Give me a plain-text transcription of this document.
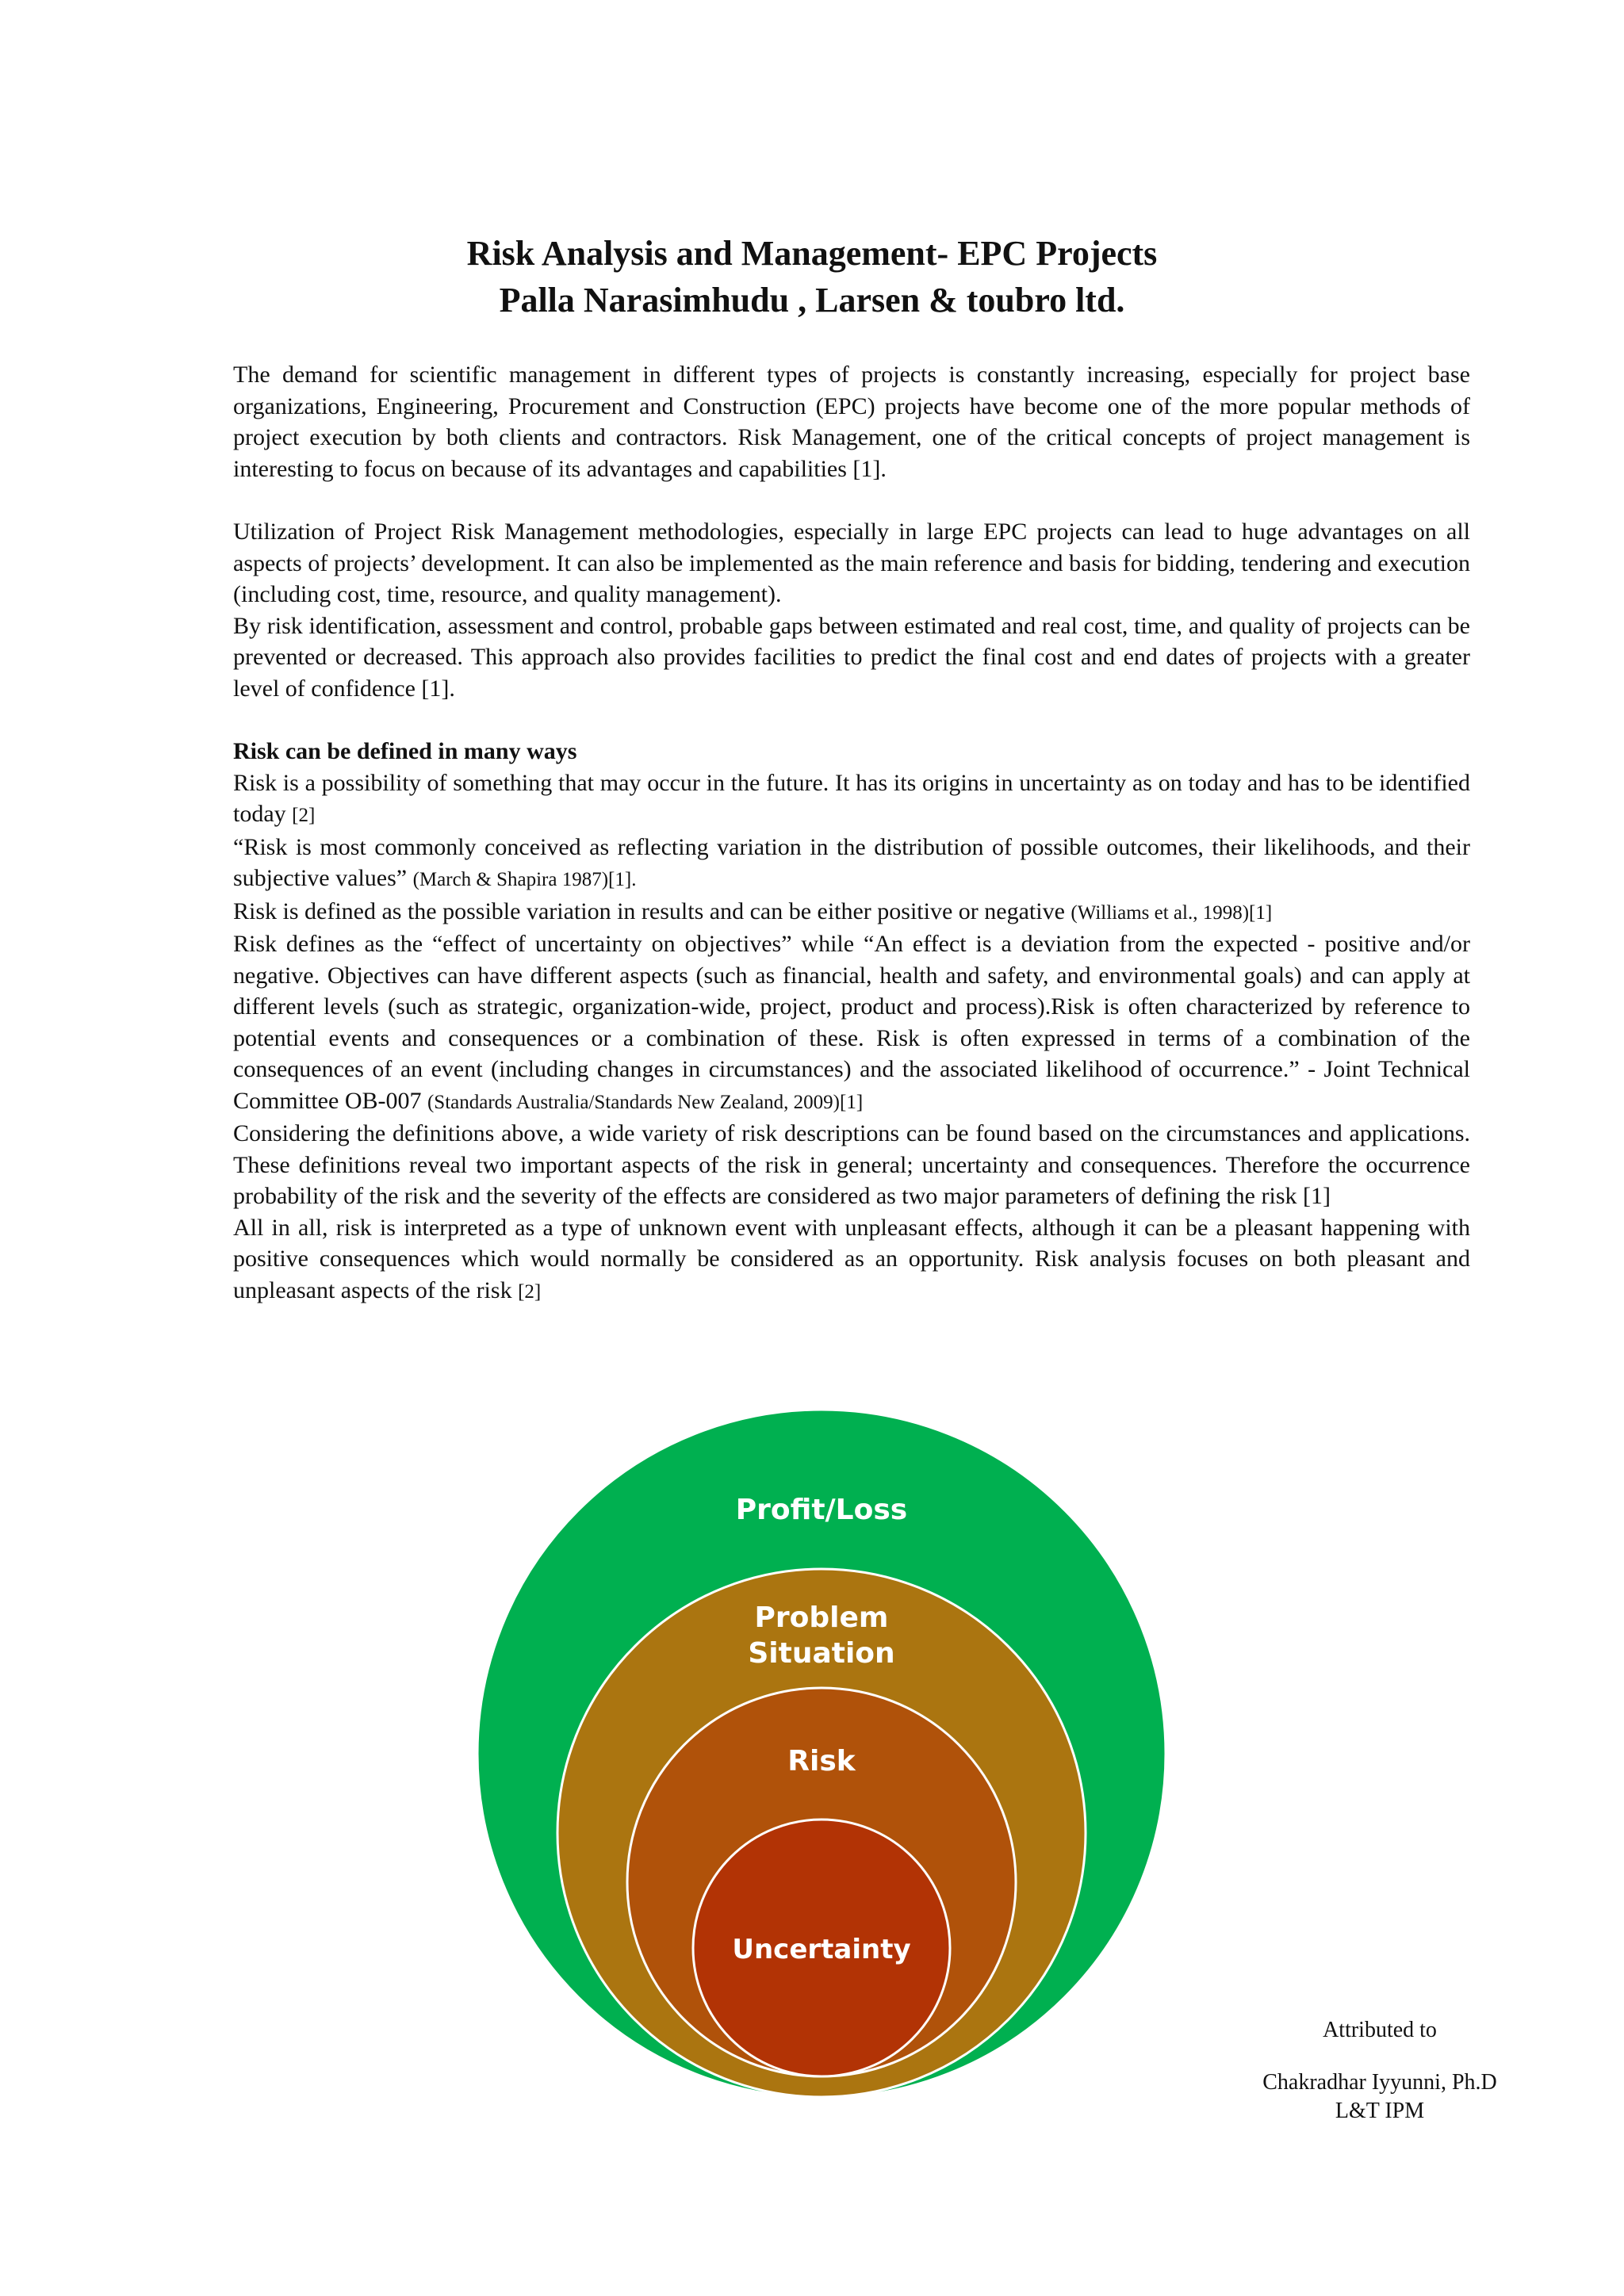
Risk Analysis and Management- EPC Projects
Palla Narasimhudu , Larsen & toubro ltd.

The demand for scientific management in different types of projects is constantly increasing, especially for project base organizations, Engineering, Procurement and Construction (EPC) projects have become one of the more popular methods of project execution by both clients and contractors. Risk Management, one of the critical concepts of project management is interesting to focus on because of its advantages and capabilities [1].

Utilization of Project Risk Management methodologies, especially in large EPC projects can lead to huge advantages on all aspects of projects’ development. It can also be implemented as the main reference and basis for bidding, tendering and execution (including cost, time, resource, and quality management).

By risk identification, assessment and control, probable gaps between estimated and real cost, time, and quality of projects can be prevented or decreased. This approach also provides facilities to predict the final cost and end dates of projects with a greater level of confidence [1].

Risk can be defined in many ways

Risk is a possibility of something that may occur in the future. It has its origins in uncertainty as on today and has to be identified today [2]

“Risk is most commonly conceived as reflecting variation in the distribution of possible outcomes, their likelihoods, and their subjective values” (March & Shapira 1987)[1].

Risk is defined as the possible variation in results and can be either positive or negative (Williams et al., 1998)[1]

Risk defines as the “effect of uncertainty on objectives” while “An effect is a deviation from the expected - positive and/or negative. Objectives can have different aspects (such as financial, health and safety, and environmental goals) and can apply at different levels (such as strategic, organization-wide, project, product and process).Risk is often characterized by reference to potential events and consequences or a combination of these. Risk is often expressed in terms of a combination of the consequences of an event (including changes in circumstances) and the associated likelihood of occurrence.” - Joint Technical Committee OB-007 (Standards Australia/Standards New Zealand, 2009)[1]

Considering the definitions above, a wide variety of risk descriptions can be found based on the circumstances and applications. These definitions reveal two important aspects of the risk in general; uncertainty and consequences. Therefore the occurrence probability of the risk and the severity of the effects are considered as two major parameters of defining the risk [1]

All in all, risk is interpreted as a type of unknown event with unpleasant effects, although it can be a pleasant happening with positive consequences which would normally be considered as an opportunity. Risk analysis focuses on both pleasant and unpleasant aspects of the risk [2]

Profit/Loss
Problem
Situation
Risk
Uncertainty
Attributed to
Chakradhar Iyyunni, Ph.D
L&T IPM
